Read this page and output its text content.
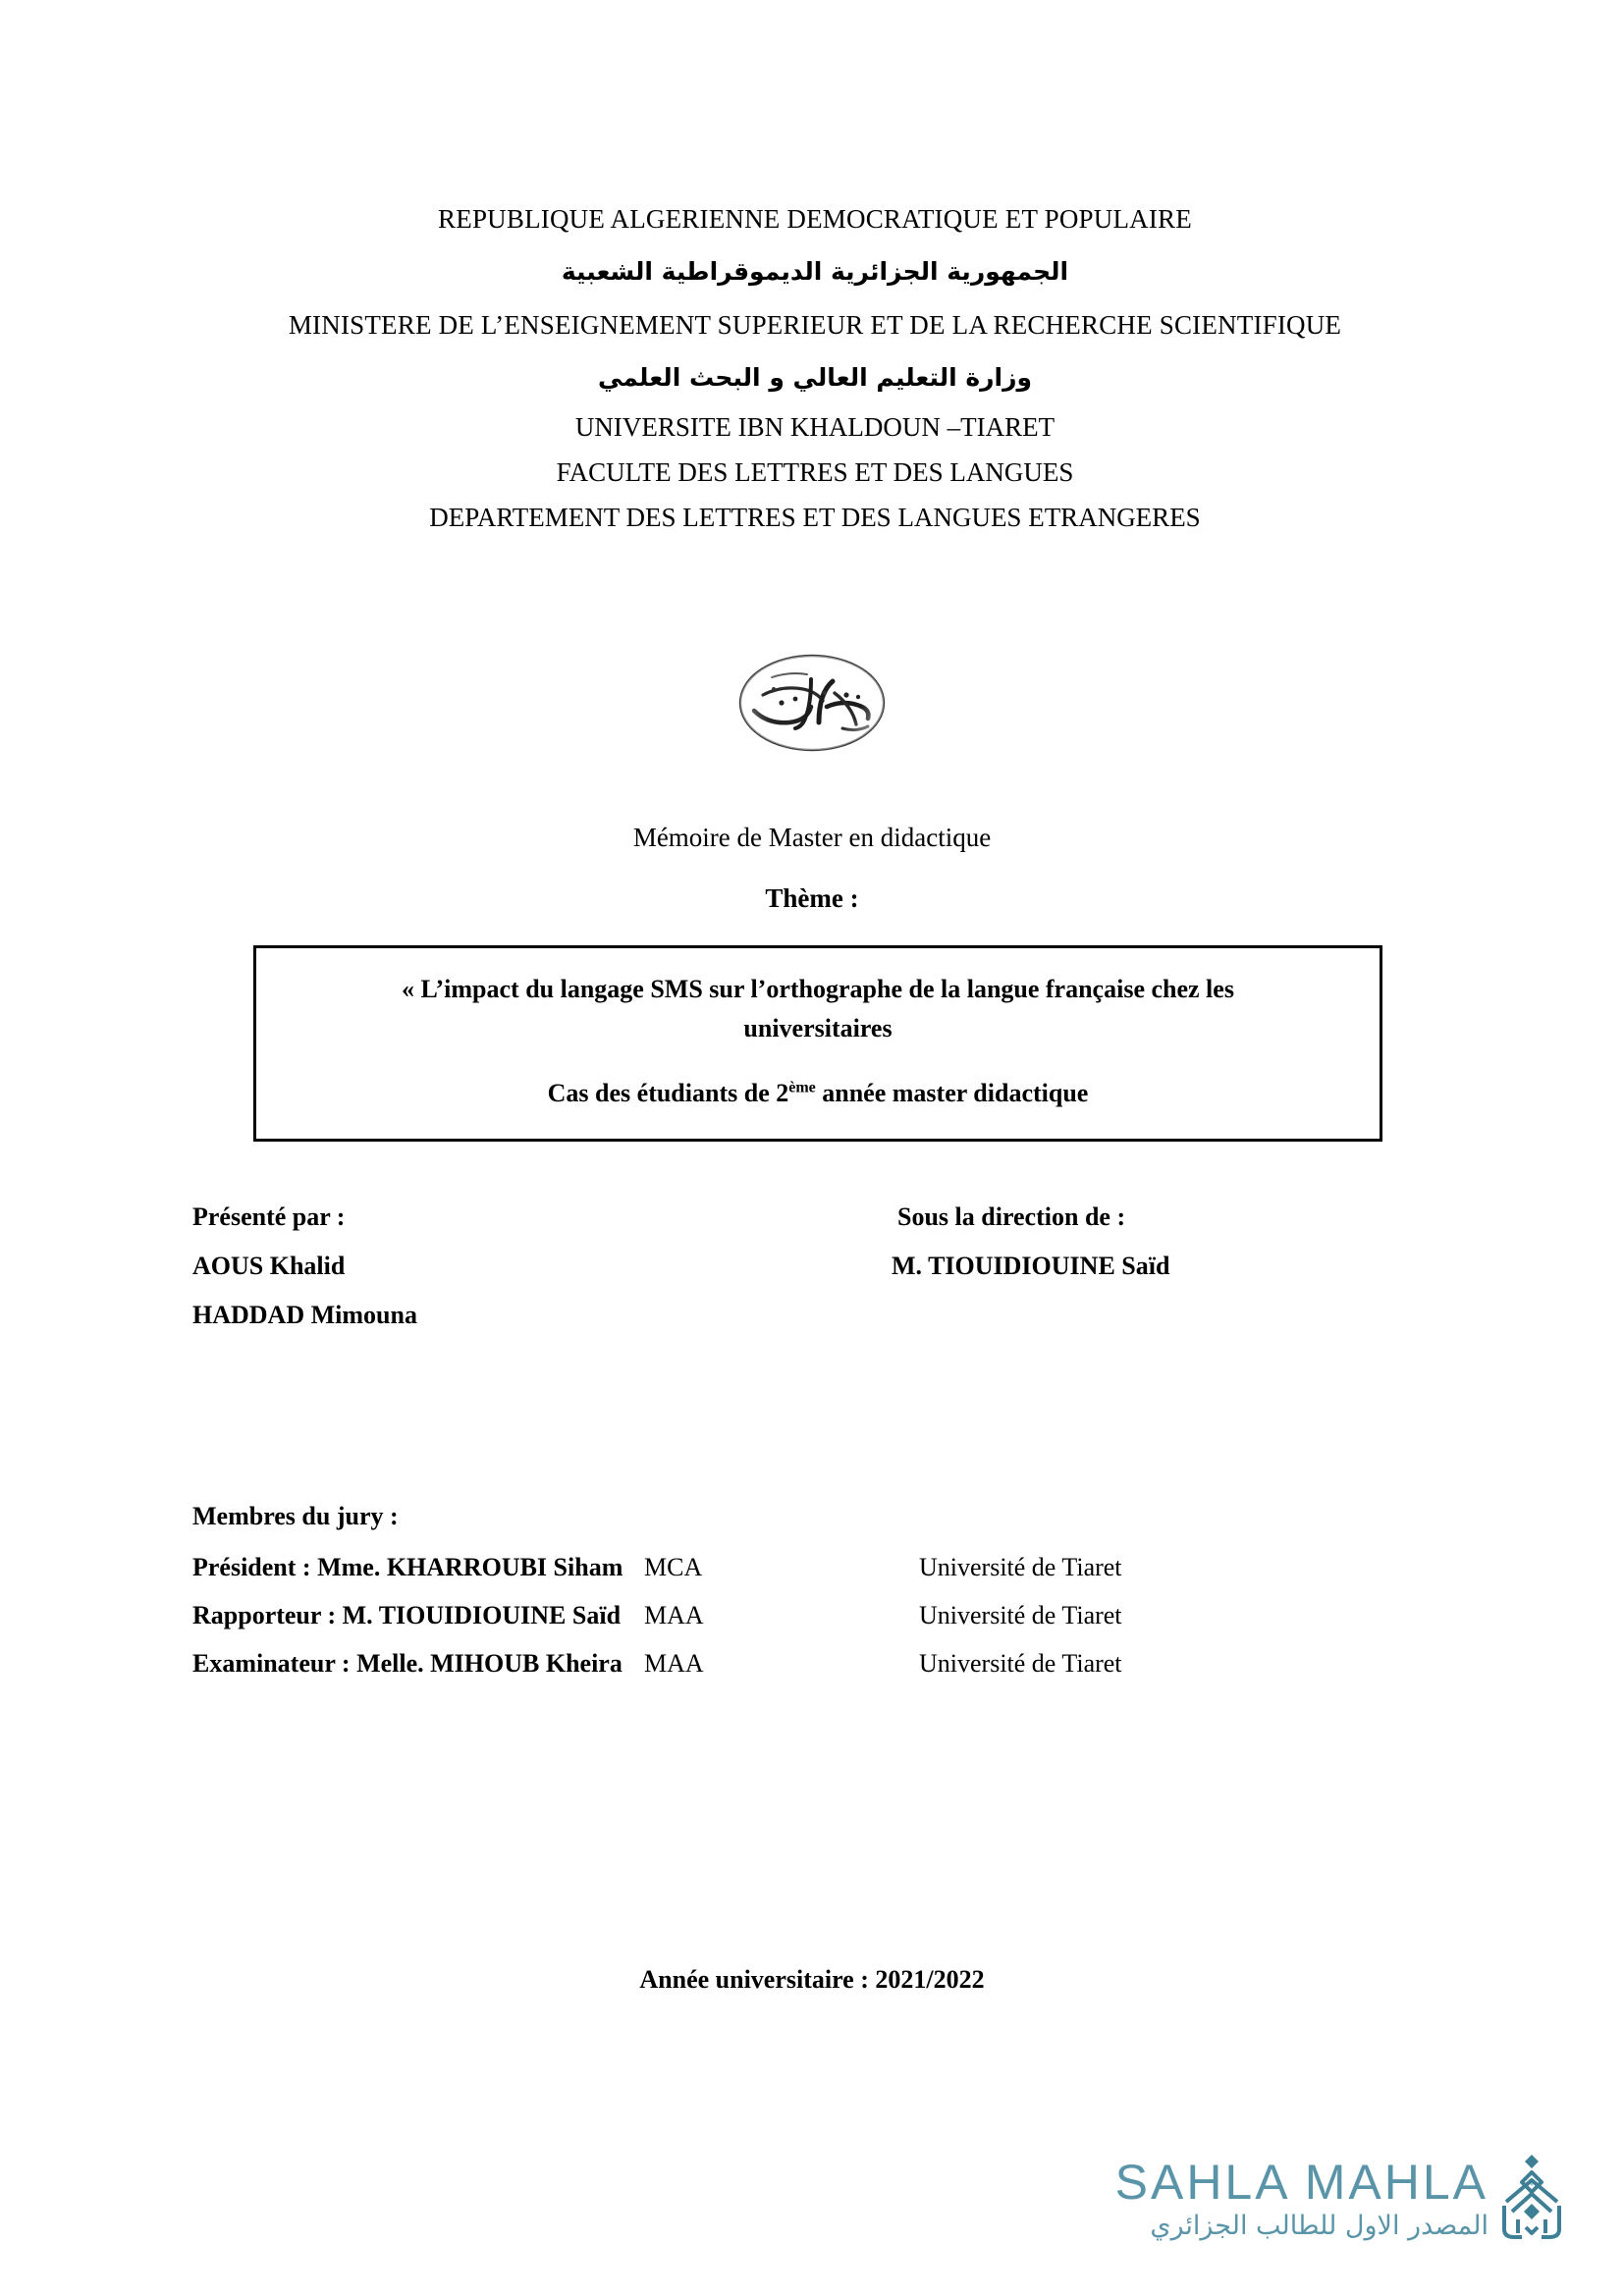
REPUBLIQUE ALGERIENNE DEMOCRATIQUE ET POPULAIRE
الجمهورية الجزائرية الديموقراطية الشعبية
MINISTERE DE L’ENSEIGNEMENT SUPERIEUR ET DE LA RECHERCHE SCIENTIFIQUE
وزارة التعليم العالي و البحث العلمي
UNIVERSITE IBN KHALDOUN –TIARET
FACULTE DES LETTRES ET DES LANGUES
DEPARTEMENT DES LETTRES ET DES LANGUES ETRANGERES
Mémoire de Master en didactique
Thème :
« L’impact du langage SMS sur l’orthographe de la langue française chez les
universitaires
Cas des étudiants de 2ème année master didactique
Présenté par :	Sous la direction de :
AOUS Khalid	M. TIOUIDIOUINE Saïd
HADDAD Mimouna
Membres du jury :
Président : Mme. KHARROUBI Siham MCA	Université de Tiaret
Rapporteur : M. TIOUIDIOUINE Saïd MAA	Université de Tiaret
Examinateur : Melle. MIHOUB Kheira MAA	Université de Tiaret
Année universitaire : 2021/2022
SAHLA MAHLA
المصدر الاول للطالب الجزائري
